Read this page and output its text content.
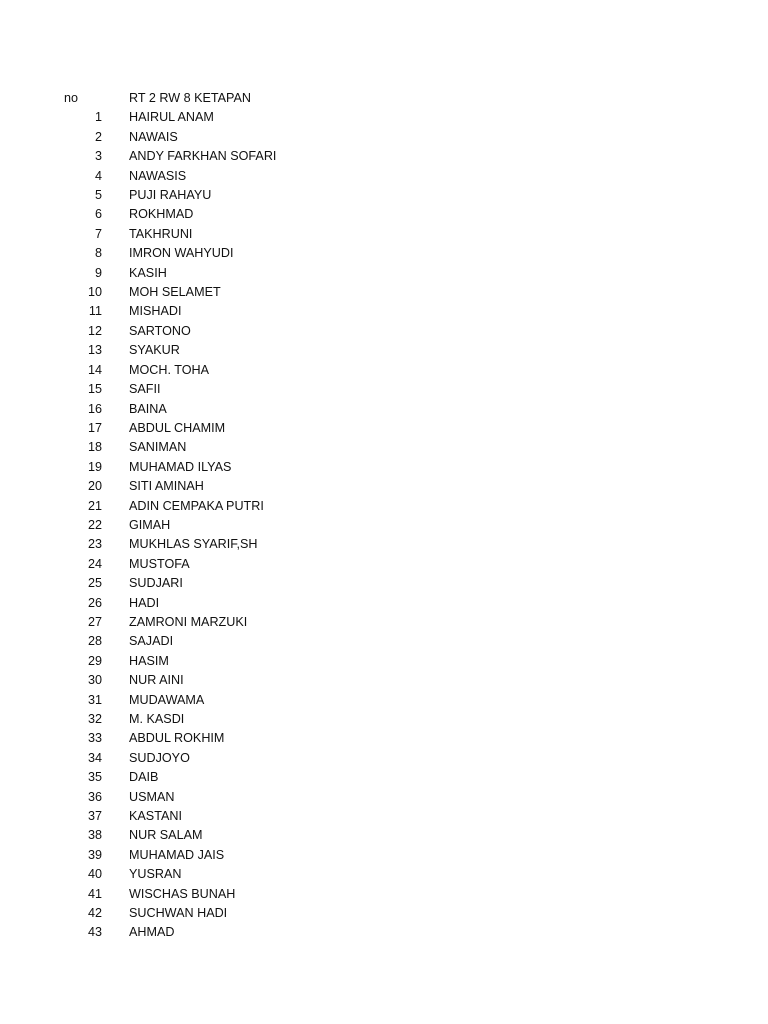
no	RT 2 RW 8 KETAPAN
1 HAIRUL ANAM
2 NAWAIS
3 ANDY FARKHAN SOFARI
4 NAWASIS
5 PUJI RAHAYU
6 ROKHMAD
7 TAKHRUNI
8 IMRON WAHYUDI
9 KASIH
10 MOH SELAMET
11 MISHADI
12 SARTONO
13 SYAKUR
14 MOCH. TOHA
15 SAFII
16 BAINA
17 ABDUL CHAMIM
18 SANIMAN
19 MUHAMAD ILYAS
20 SITI AMINAH
21 ADIN CEMPAKA PUTRI
22 GIMAH
23 MUKHLAS SYARIF,SH
24 MUSTOFA
25 SUDJARI
26 HADI
27 ZAMRONI MARZUKI
28 SAJADI
29 HASIM
30 NUR AINI
31 MUDAWAMA
32 M. KASDI
33 ABDUL ROKHIM
34 SUDJOYO
35 DAIB
36 USMAN
37 KASTANI
38 NUR SALAM
39 MUHAMAD JAIS
40 YUSRAN
41 WISCHAS BUNAH
42 SUCHWAN HADI
43 AHMAD
